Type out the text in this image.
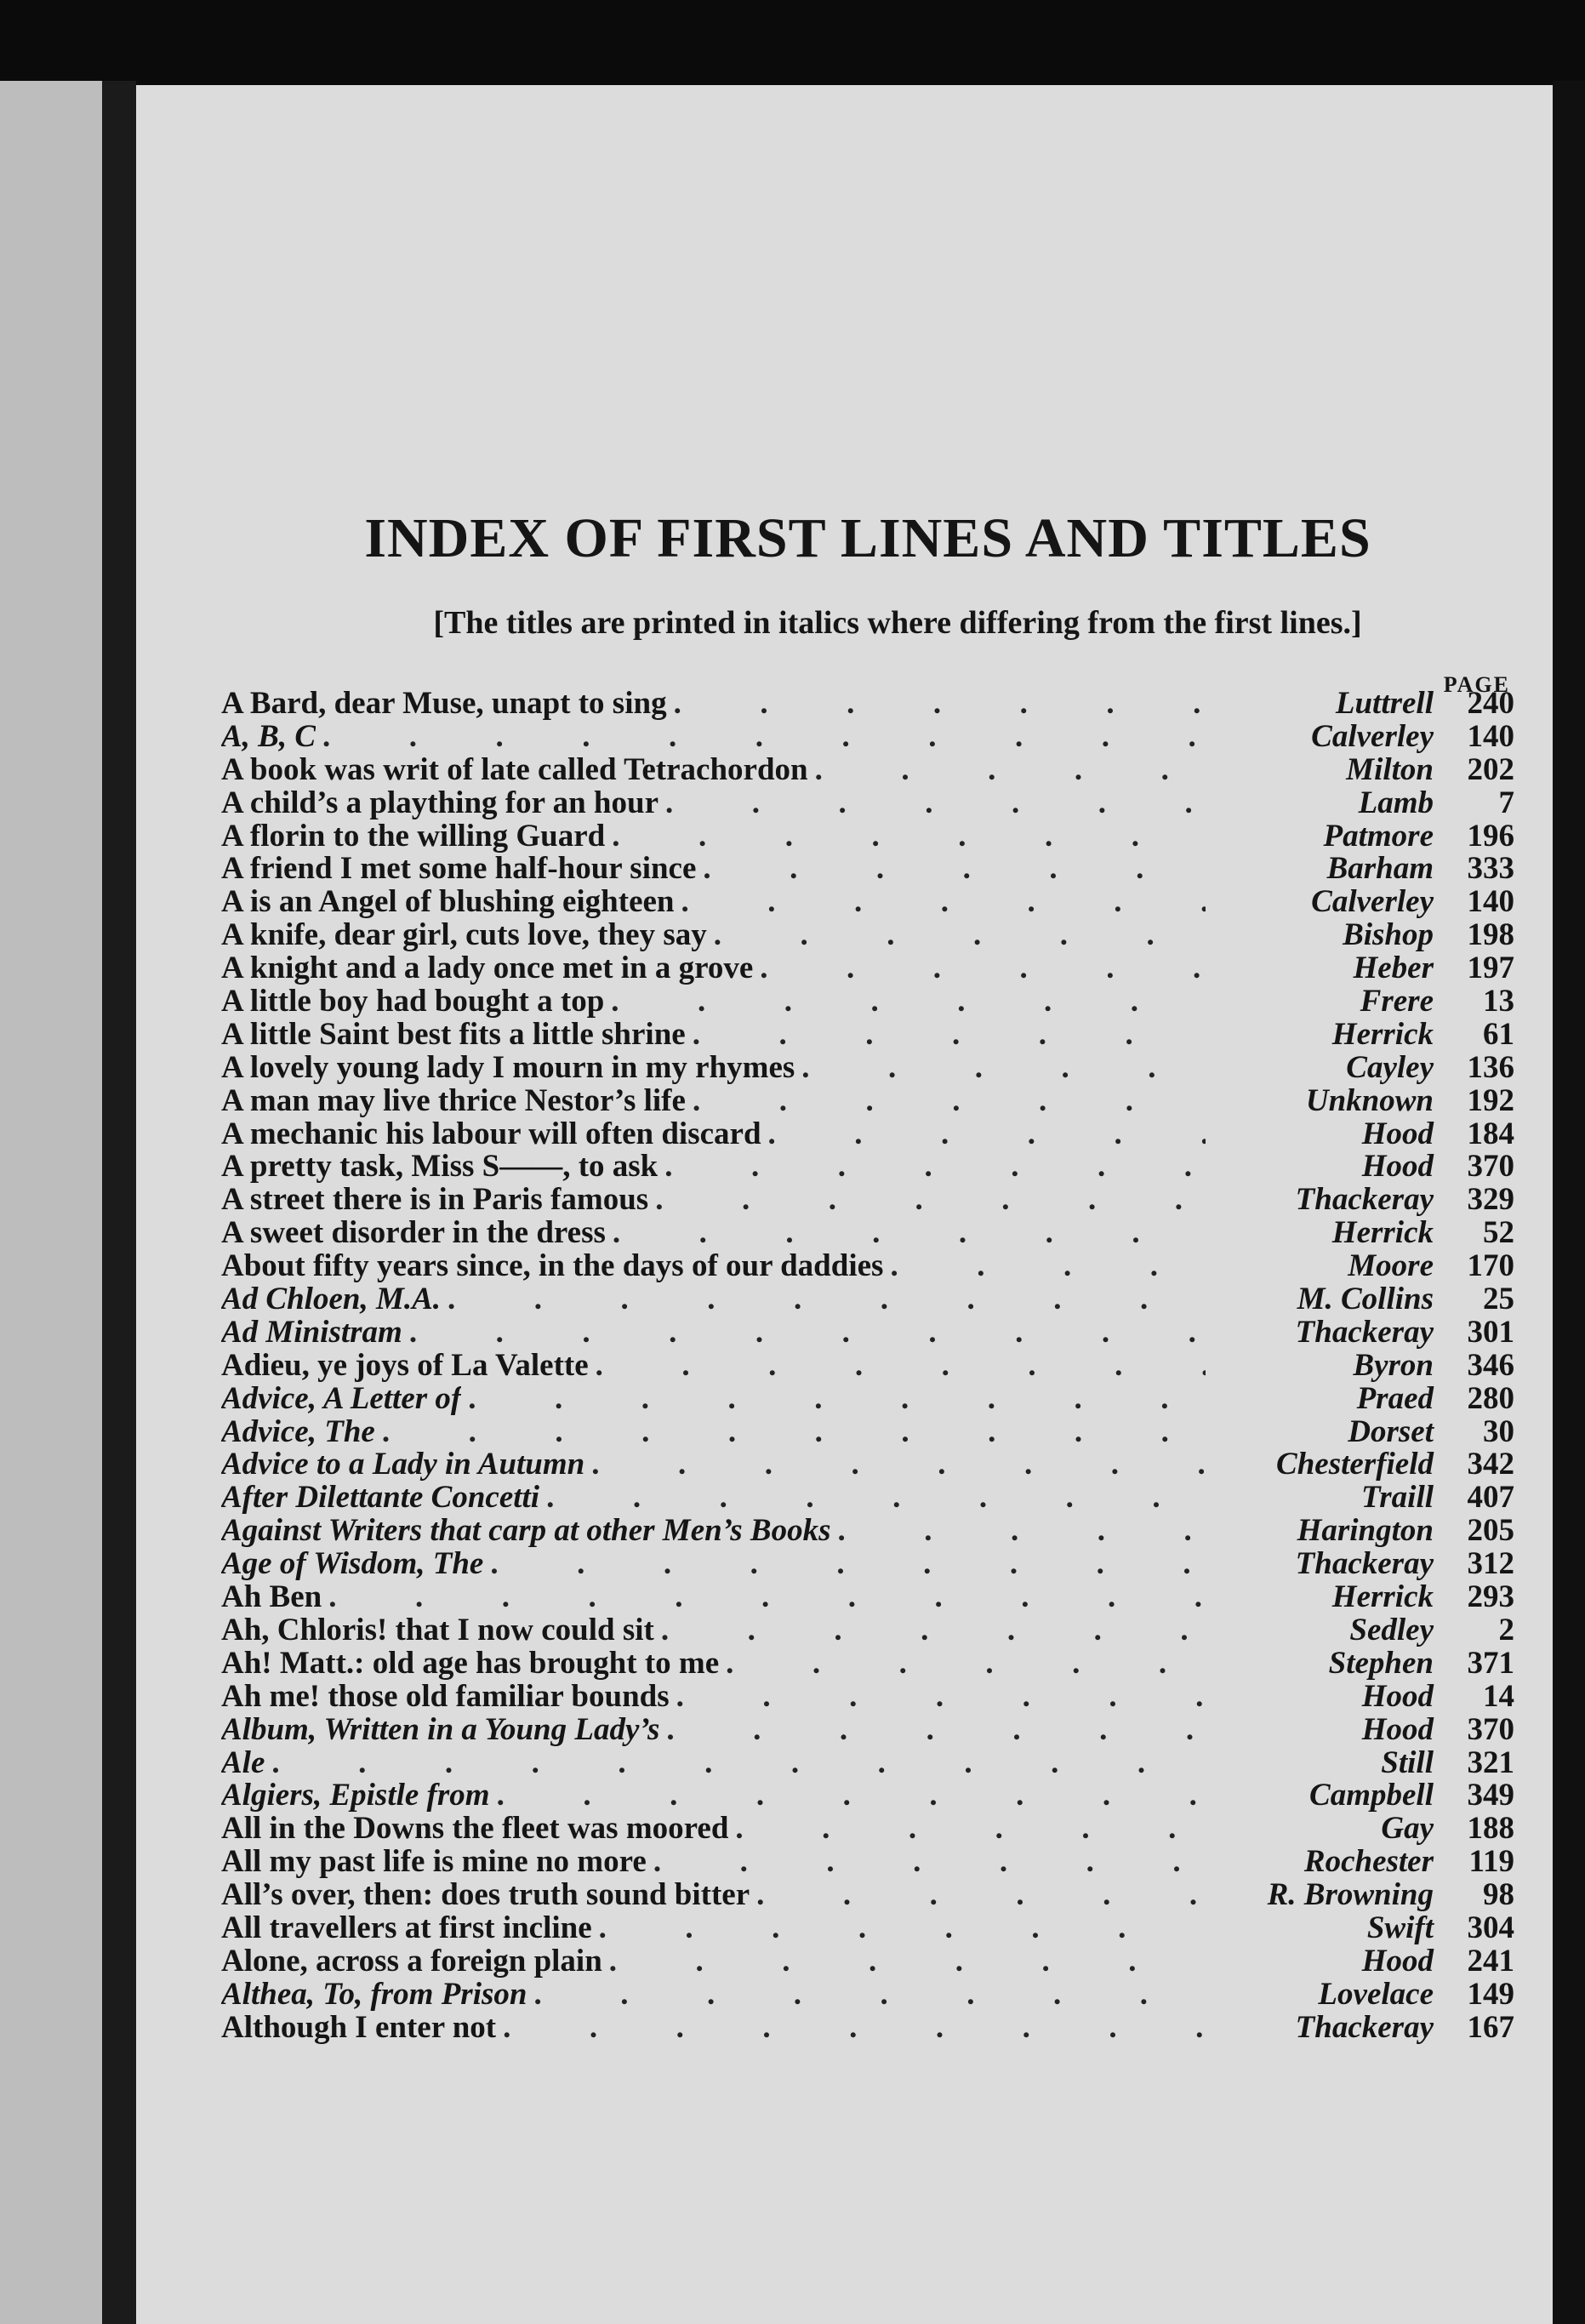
INDEX OF FIRST LINES AND TITLES
[The titles are printed in italics where differing from the first lines.]
PAGE
A Bard, dear Muse, unapt to sing .	Luttrell	240
A, B, C .	Calverley	140
A book was writ of late called Tetrachordon .	Milton	202
A child’s a plaything for an hour .	Lamb	7
A florin to the willing Guard .	Patmore	196
A friend I met some half-hour since .	Barham	333
A is an Angel of blushing eighteen .	Calverley	140
A knife, dear girl, cuts love, they say .	Bishop	198
A knight and a lady once met in a grove .	Heber	197
A little boy had bought a top .	Frere	13
A little Saint best fits a little shrine .	Herrick	61
A lovely young lady I mourn in my rhymes .	Cayley	136
A man may live thrice Nestor’s life .	Unknown	192
A mechanic his labour will often discard .	Hood	184
A pretty task, Miss S——, to ask .	Hood	370
A street there is in Paris famous .	Thackeray	329
A sweet disorder in the dress .	Herrick	52
About fifty years since, in the days of our daddies .	Moore	170
Ad Chloen, M.A. .	M. Collins	25
Ad Ministram .	Thackeray	301
Adieu, ye joys of La Valette .	Byron	346
Advice, A Letter of .	Praed	280
Advice, The .	Dorset	30
Advice to a Lady in Autumn .	Chesterfield	342
After Dilettante Concetti .	Traill	407
Against Writers that carp at other Men’s Books .	Harington	205
Age of Wisdom, The .	Thackeray	312
Ah Ben .	Herrick	293
Ah, Chloris! that I now could sit .	Sedley	2
Ah! Matt.: old age has brought to me .	Stephen	371
Ah me! those old familiar bounds .	Hood	14
Album, Written in a Young Lady’s .	Hood	370
Ale .	Still	321
Algiers, Epistle from .	Campbell	349
All in the Downs the fleet was moored .	Gay	188
All my past life is mine no more .	Rochester	119
All’s over, then: does truth sound bitter .	R. Browning	98
All travellers at first incline .	Swift	304
Alone, across a foreign plain .	Hood	241
Althea, To, from Prison .	Lovelace	149
Although I enter not .	Thackeray	167
